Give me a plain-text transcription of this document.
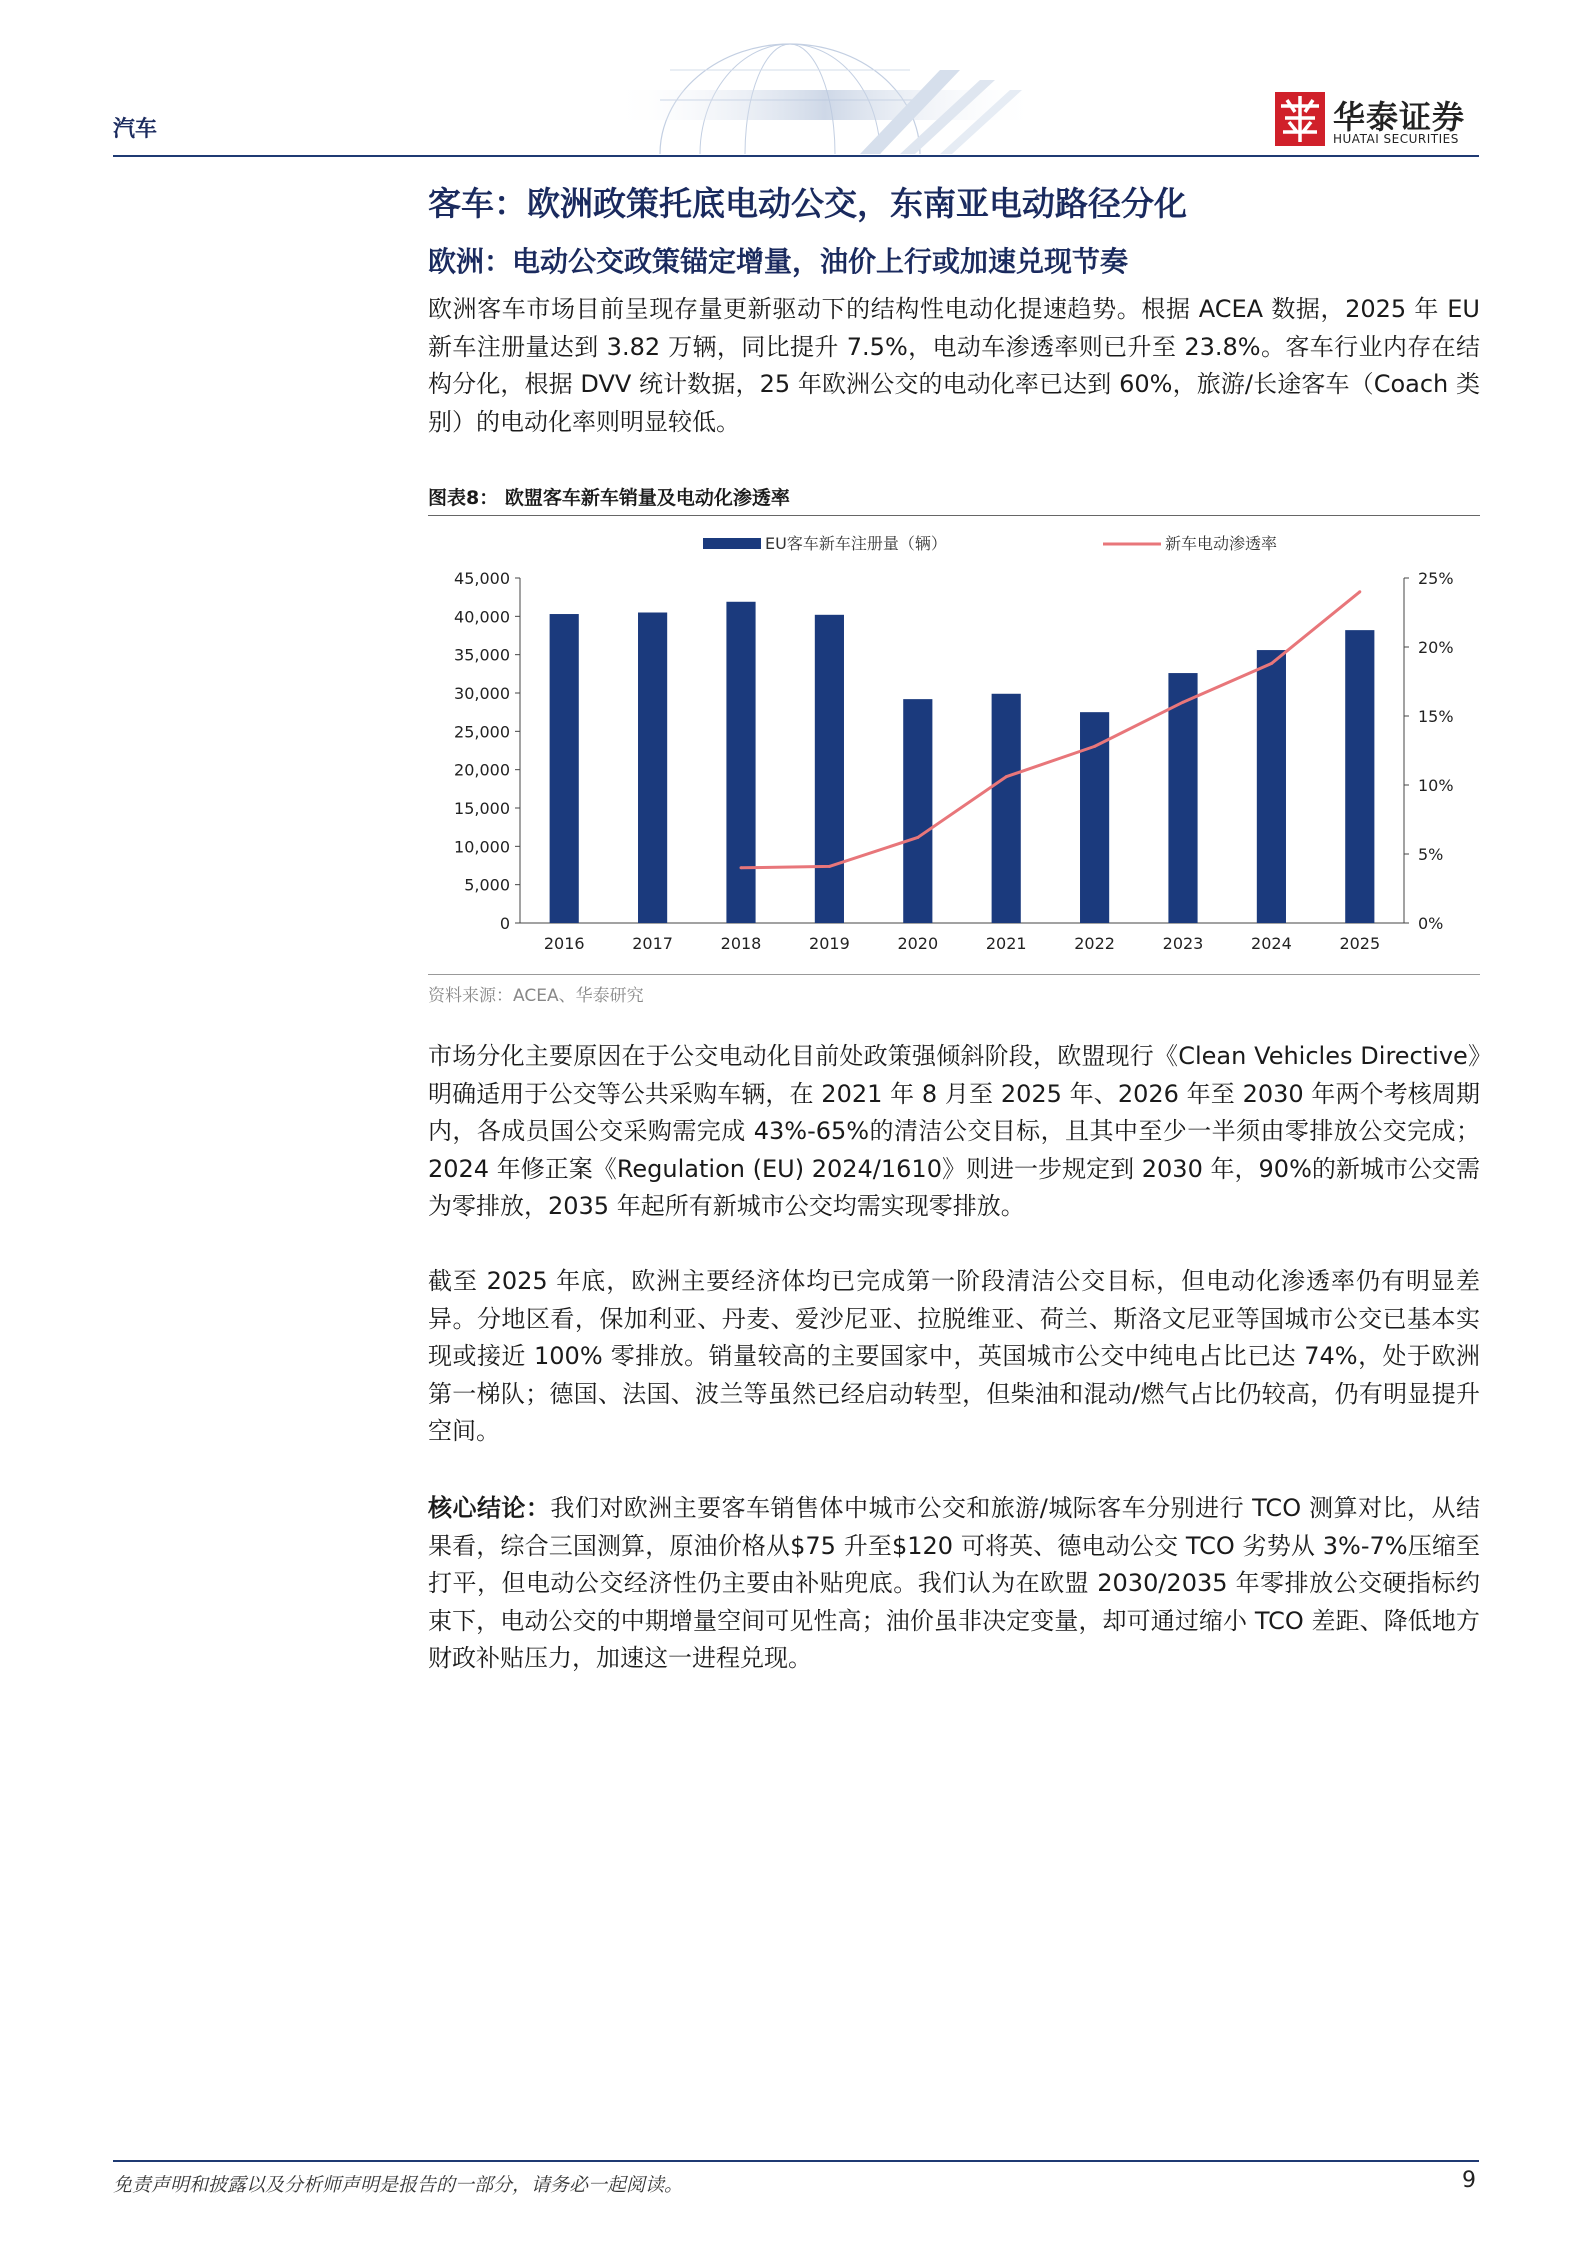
汽车	华泰证券
HUATAI SECURITIES
客车：欧洲政策托底电动公交，东南亚电动路径分化
欧洲：电动公交政策锚定增量，油价上行或加速兑现节奏

欧洲客车市场目前呈现存量更新驱动下的结构性电动化提速趋势。根据 ACEA 数据，2025 年 EU 新车注册量达到 3.82 万辆，同比提升 7.5%，电动车渗透率则已升至 23.8%。客车行业内存在结构分化，根据 DVV 统计数据，25 年欧洲公交的电动化率已达到 60%，旅游/长途客车（Coach 类别）的电动化率则明显较低。

图表8： 欧盟客车新车销量及电动化渗透率
EU客车新车注册量（辆）	新车电动渗透率
0
5,000
10,000
15,000
20,000
25,000
30,000
35,000
40,000
45,000
0%
5%
10%
15%
20%
25%
2016	2017	2018	2019	2020	2021	2022	2023	2024	2025
资料来源：ACEA、华泰研究

市场分化主要原因在于公交电动化目前处政策强倾斜阶段，欧盟现行《Clean Vehicles Directive》明确适用于公交等公共采购车辆，在 2021 年 8 月至 2025 年、2026 年至 2030 年两个考核周期内，各成员国公交采购需完成 43%-65%的清洁公交目标，且其中至少一半须由零排放公交完成；2024 年修正案《Regulation (EU) 2024/1610》则进一步规定到 2030 年，90%的新城市公交需为零排放，2035 年起所有新城市公交均需实现零排放。

截至 2025 年底，欧洲主要经济体均已完成第一阶段清洁公交目标，但电动化渗透率仍有明显差异。分地区看，保加利亚、丹麦、爱沙尼亚、拉脱维亚、荷兰、斯洛文尼亚等国城市公交已基本实现或接近 100% 零排放。销量较高的主要国家中，英国城市公交中纯电占比已达 74%，处于欧洲第一梯队；德国、法国、波兰等虽然已经启动转型，但柴油和混动/燃气占比仍较高，仍有明显提升空间。

核心结论：我们对欧洲主要客车销售体中城市公交和旅游/城际客车分别进行 TCO 测算对比，从结果看，综合三国测算，原油价格从$75 升至$120 可将英、德电动公交 TCO 劣势从 3%-7%压缩至打平，但电动公交经济性仍主要由补贴兜底。我们认为在欧盟 2030/2035 年零排放公交硬指标约束下，电动公交的中期增量空间可见性高；油价虽非决定变量，却可通过缩小 TCO 差距、降低地方财政补贴压力，加速这一进程兑现。

免责声明和披露以及分析师声明是报告的一部分，请务必一起阅读。	9
